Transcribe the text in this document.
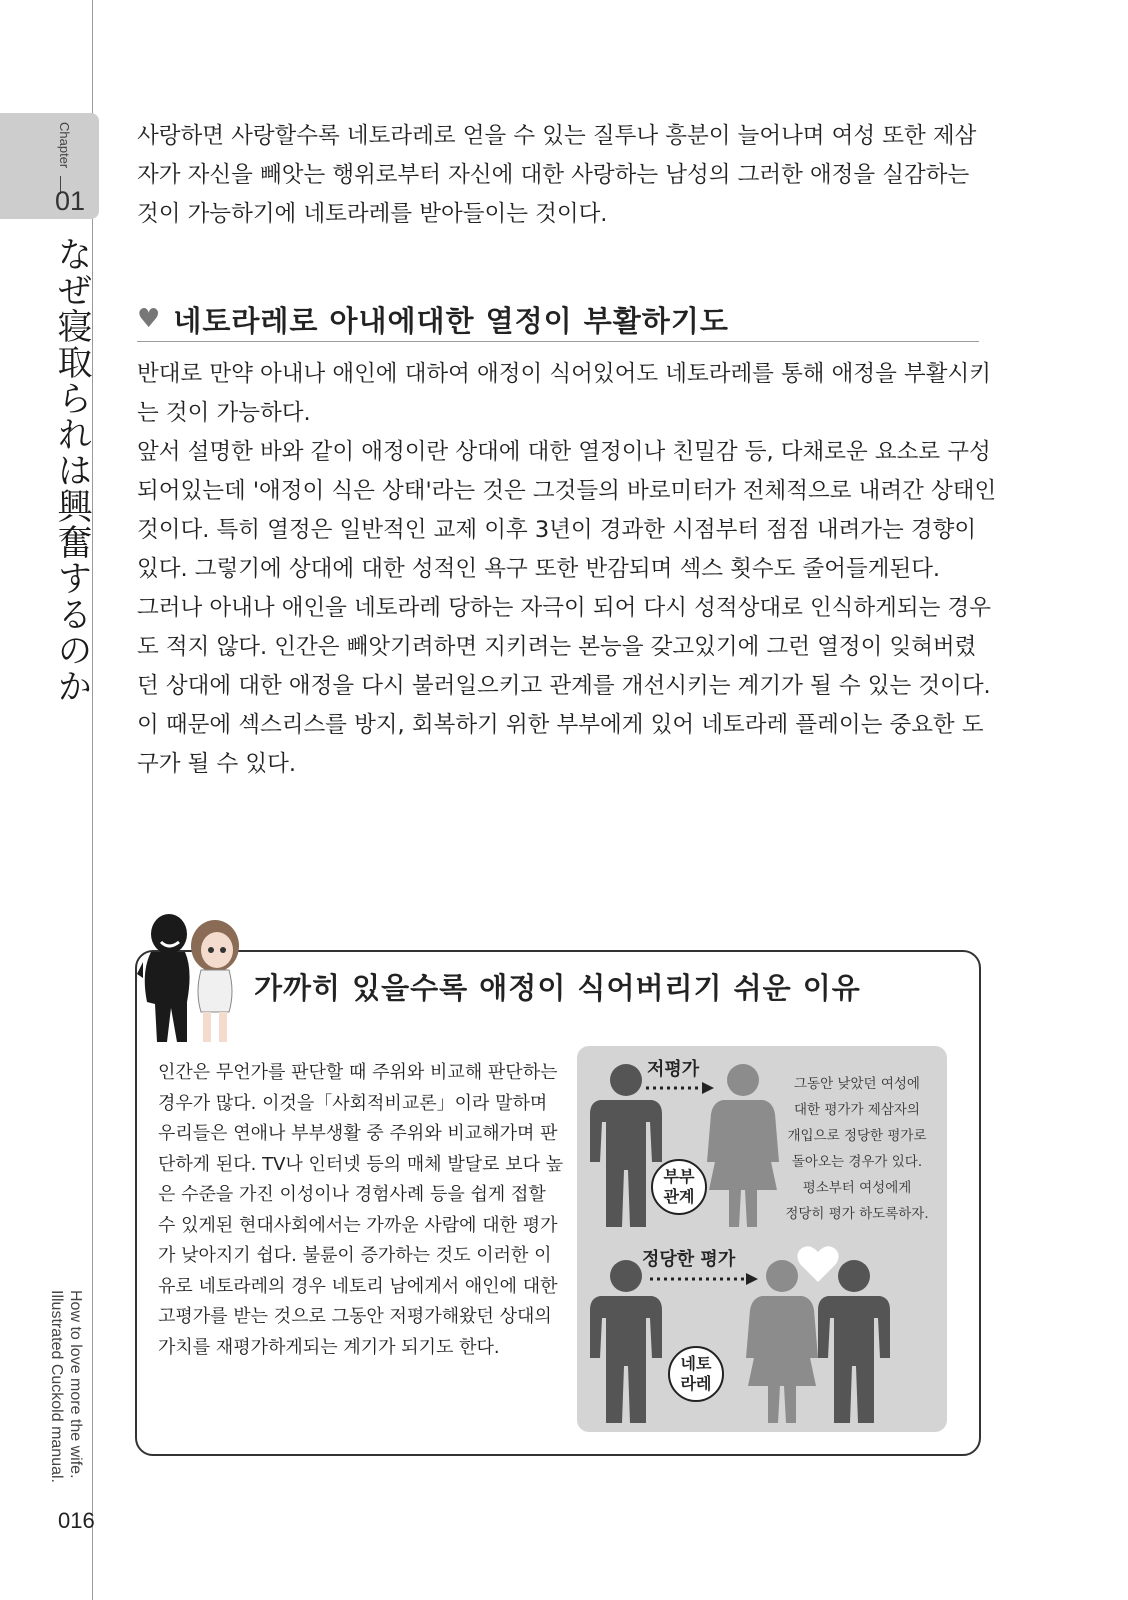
Chapter
01
なぜ寝取られは興奮するのか
How to love more the wife.
Illustrated Cuckold manual.
016

사랑하면 사랑할수록 네토라레로 얻을 수 있는 질투나 흥분이 늘어나며 여성 또한 제삼자가 자신을 빼앗는 행위로부터 자신에 대한 사랑하는 남성의 그러한 애정을 실감하는 것이 가능하기에 네토라레를 받아들이는 것이다.

♥ 네토라레로 아내에대한 열정이 부활하기도

반대로 만약 아내나 애인에 대하여 애정이 식어있어도 네토라레를 통해 애정을 부활시키는 것이 가능하다.

앞서 설명한 바와 같이 애정이란 상대에 대한 열정이나 친밀감 등, 다채로운 요소로 구성되어있는데 '애정이 식은 상태'라는 것은 그것들의 바로미터가 전체적으로 내려간 상태인 것이다. 특히 열정은 일반적인 교제 이후 3년이 경과한 시점부터 점점 내려가는 경향이 있다. 그렇기에 상대에 대한 성적인 욕구 또한 반감되며 섹스 횟수도 줄어들게된다.

그러나 아내나 애인을 네토라레 당하는 자극이 되어 다시 성적상대로 인식하게되는 경우도 적지 않다. 인간은 빼앗기려하면 지키려는 본능을 갖고있기에 그런 열정이 잊혀버렸던 상대에 대한 애정을 다시 불러일으키고 관계를 개선시키는 계기가 될 수 있는 것이다.

이 때문에 섹스리스를 방지, 회복하기 위한 부부에게 있어 네토라레 플레이는 중요한 도구가 될 수 있다.

가까히 있을수록 애정이 식어버리기 쉬운 이유

인간은 무언가를 판단할 때 주위와 비교해 판단하는 경우가 많다. 이것을「사회적비교론」이라 말하며 우리들은 연애나 부부생활 중 주위와 비교해가며 판단하게 된다. TV나 인터넷 등의 매체 발달로 보다 높은 수준을 가진 이성이나 경험사례 등을 쉽게 접할 수 있게된 현대사회에서는 가까운 사람에 대한 평가가 낮아지기 쉽다. 불륜이 증가하는 것도 이러한 이유로 네토라레의 경우 네토리 남에게서 애인에 대한 고평가를 받는 것으로 그동안 저평가해왔던 상대의 가치를 재평가하게되는 계기가 되기도 한다.

저평가
부부
관계

그동안 낮았던 여성에

대한 평가가 제삼자의

개입으로 정당한 평가로

돌아오는 경우가 있다.

평소부터 여성에게

정당히 평가 하도록하자.

정당한 평가
네토
라레
